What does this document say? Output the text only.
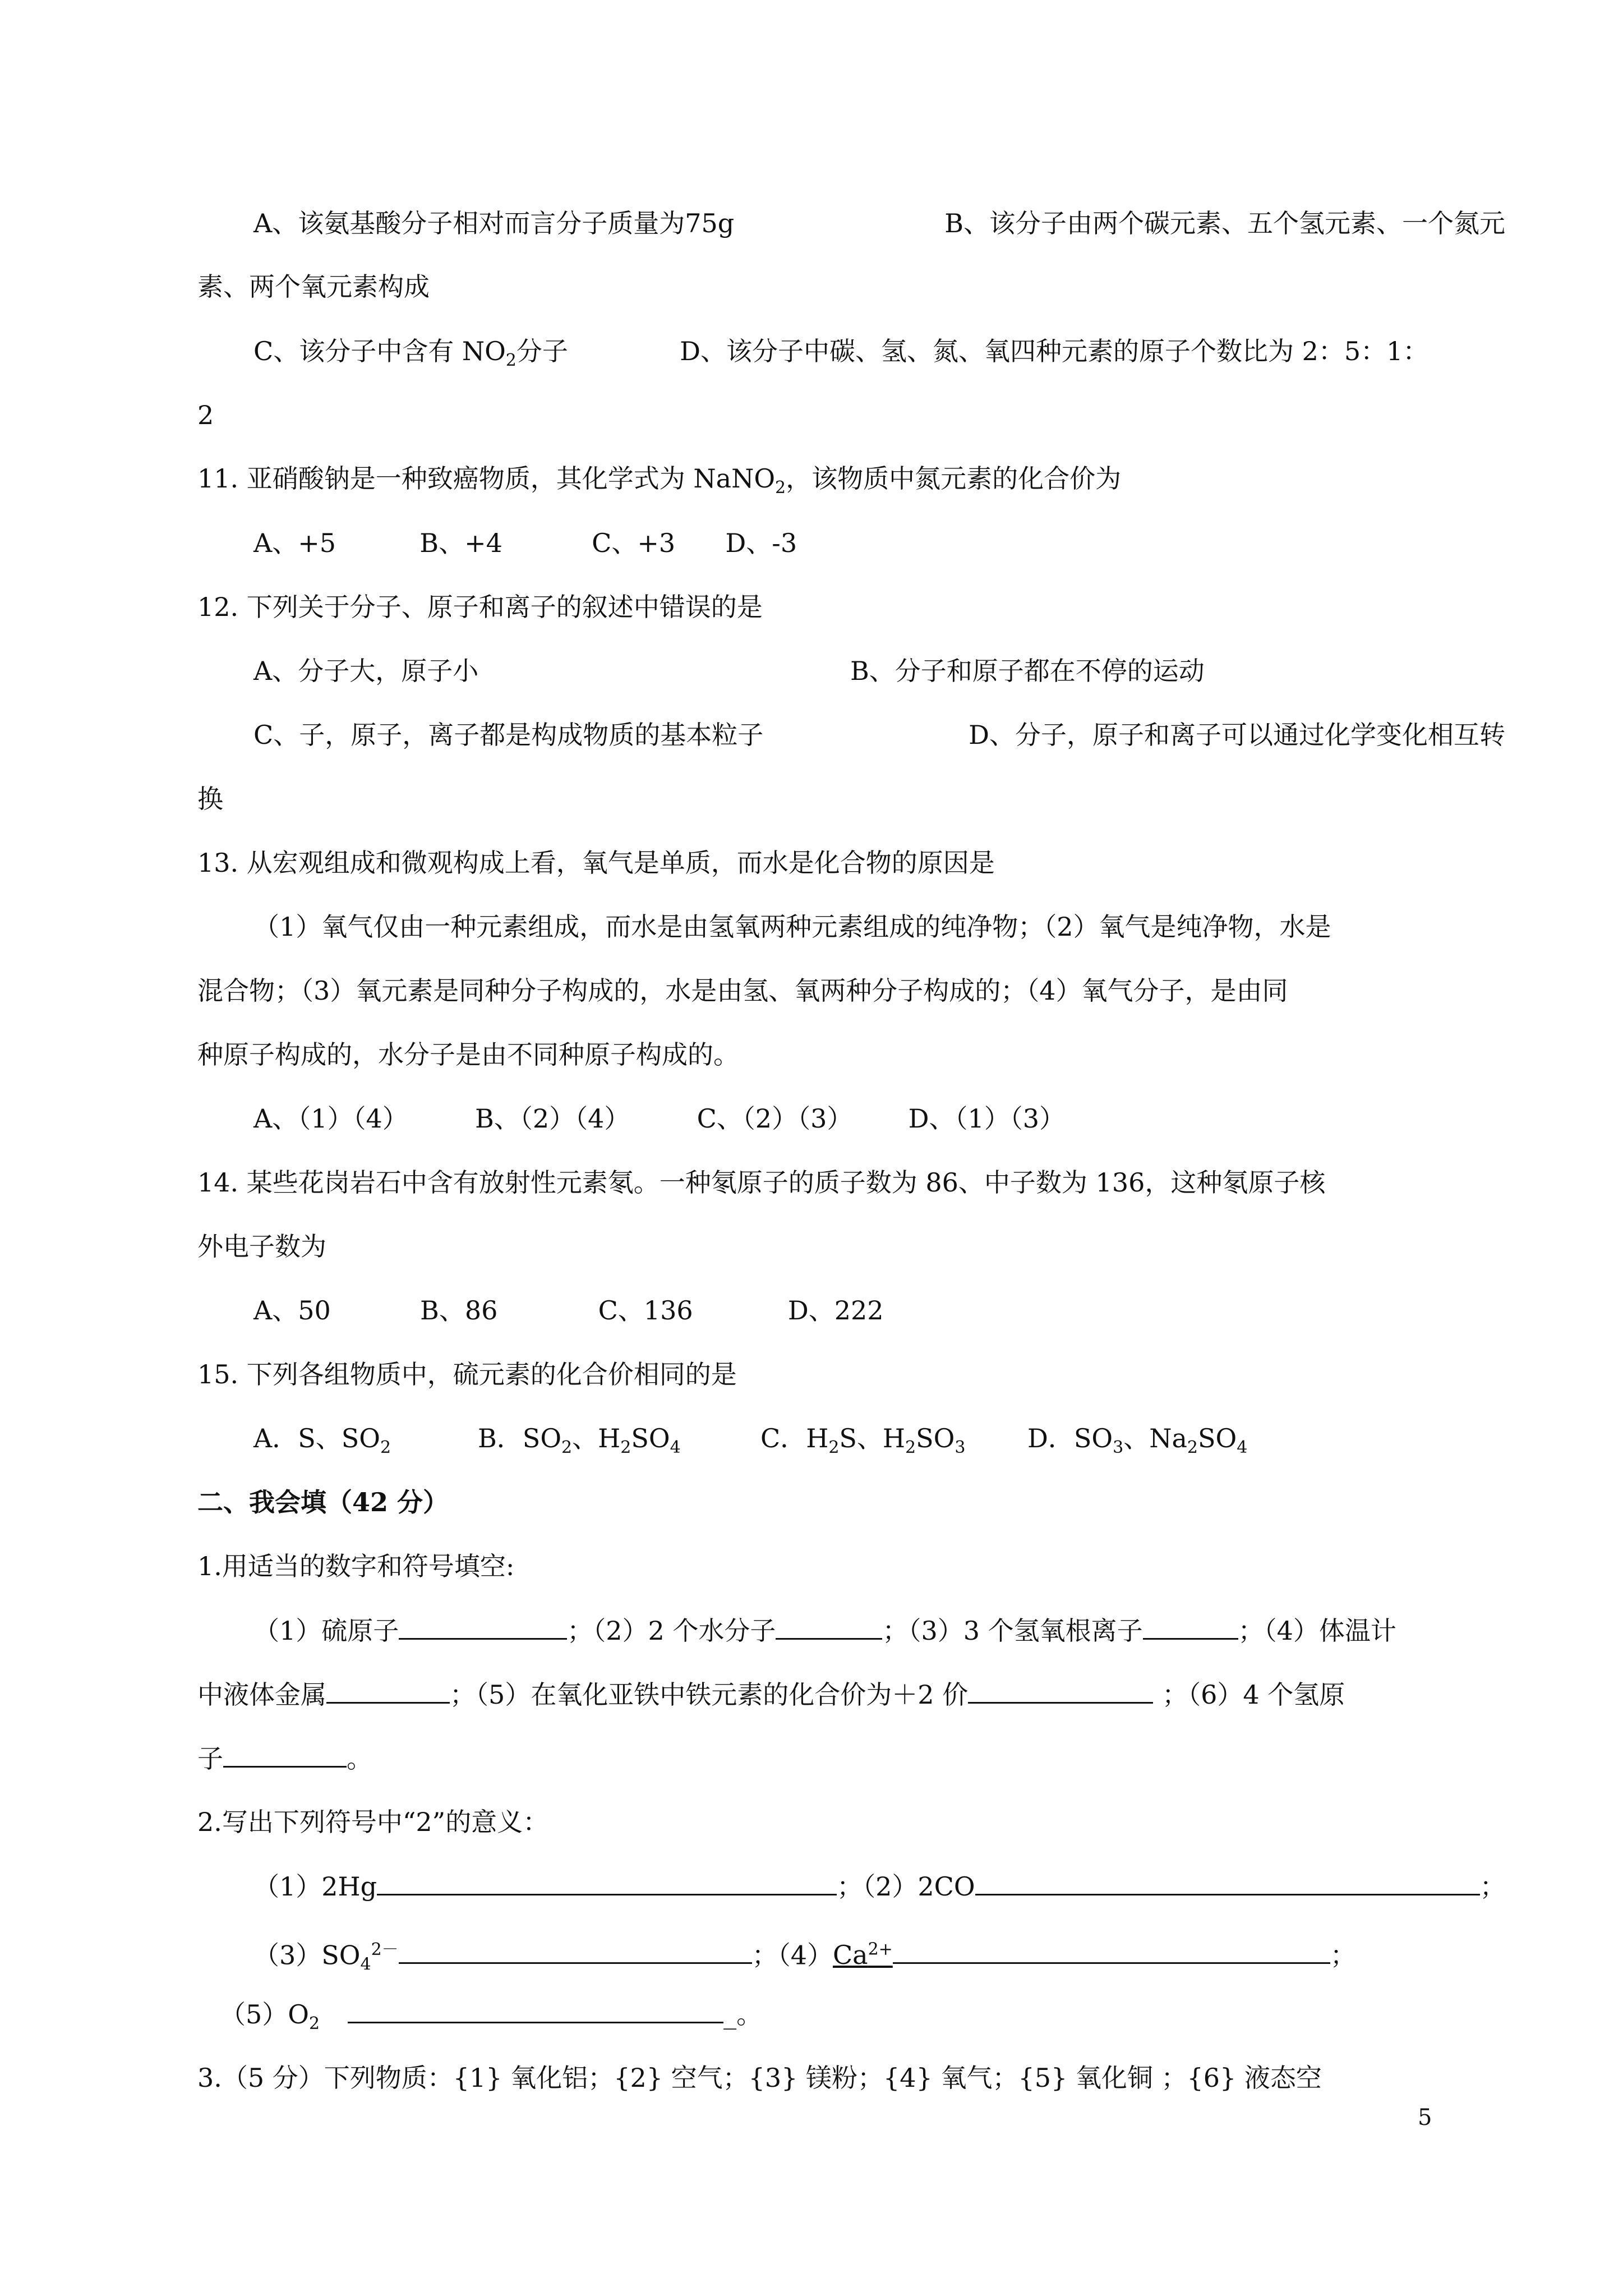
A、该氨基酸分子相对而言分子质量为75g	B、该分子由两个碳元素、五个氢元素、一个氮元
素、两个氧元素构成
C、该分子中含有 $NO_2$分子	D、该分子中碳、氢、氮、氧四种元素的原子个数比为 2：5：1：
2
11. 亚硝酸钠是一种致癌物质，其化学式为 NaNO$_2$，该物质中氮元素的化合价为
A、+5	B、+4	C、+3 D、-3
12. 下列关于分子、原子和离子的叙述中错误的是
A、分子大，原子小	B、分子和原子都在不停的运动
C、子，原子，离子都是构成物质的基本粒子	D、分子，原子和离子可以通过化学变化相互转
换
13. 从宏观组成和微观构成上看，氧气是单质，而水是化合物的原因是
（1）氧气仅由一种元素组成，而水是由氢氧两种元素组成的纯净物；（2）氧气是纯净物，水是
混合物；（3）氧元素是同种分子构成的，水是由氢、氧两种分子构成的；（4）氧气分子，是由同
种原子构成的，水分子是由不同种原子构成的。
A、（1）（4）	B、（2）（4）	C、（2）（3） D、（1）（3）
14. 某些花岗岩石中含有放射性元素氡。一种氡原子的质子数为 86、中子数为 136，这种氡原子核
外电子数为
A、50	B、86	C、136	D、222
15. 下列各组物质中，硫元素的化合价相同的是
A．S、$SO_2$	B．$SO_2$、$H_2SO_4$	C．$H_2S$、$H_2SO_3$ D．$SO_3$、$Na_2SO_4$
二、我会填（42 分）
1.用适当的数字和符号填空:
（1）硫原子	；（2）2 个水分子	；（3）3 个氢氧根离子	；（4）体温计
中液体金属	；（5）在氧化亚铁中铁元素的化合价为＋2 价	；（6）4 个氢原
子	。
2.写出下列符号中“2”的意义：
（1）2Hg	；（2）2CO	；
$(3)SO_4^{2-}$	；$(4)Ca^{2+}$	；
$(5)O_2$	_。
3.（5 分）下列物质：{1} 氧化铝；{2} 空气；{3} 镁粉；{4} 氧气；{5} 氧化铜 ；{6} 液态空
5
